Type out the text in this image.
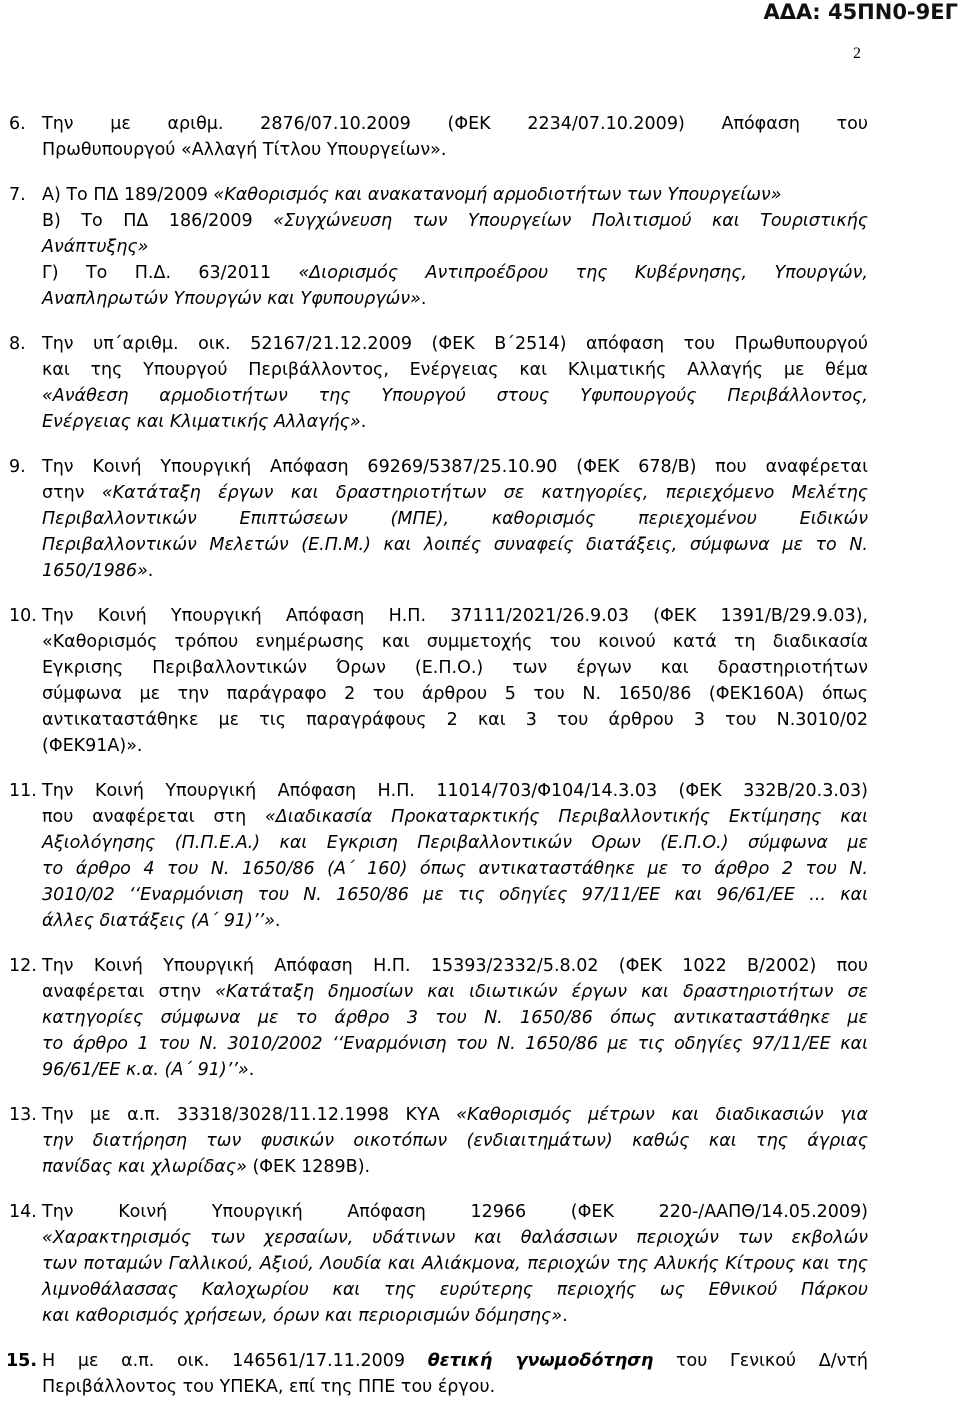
ΑΔΑ: 45ΠΝ0-9ΕΓ
2
6. Την με αριθμ. 2876/07.10.2009 (ΦΕΚ 2234/07.10.2009) Απόφαση του
Πρωθυπουργού «Αλλαγή Τίτλου Υπουργείων».
7. Α) Το ΠΔ 189/2009 «Καθορισμός και ανακατανομή αρμοδιοτήτων των Υπουργείων»
Β) Το ΠΔ 186/2009 «Συγχώνευση των Υπουργείων Πολιτισμού και Τουριστικής
Ανάπτυξης»
Γ) Το Π.Δ. 63/2011 «Διορισμός Αντιπροέδρου της Κυβέρνησης, Υπουργών,
Αναπληρωτών Υπουργών και Υφυπουργών».
8. Την υπ΄αριθμ. οικ. 52167/21.12.2009 (ΦΕΚ Β΄2514) απόφαση του Πρωθυπουργού
και της Υπουργού Περιβάλλοντος, Ενέργειας και Κλιματικής Αλλαγής με θέμα
«Ανάθεση αρμοδιοτήτων της Υπουργού στους Υφυπουργούς Περιβάλλοντος,
Ενέργειας και Κλιματικής Αλλαγής».
9. Την Κοινή Υπουργική Απόφαση 69269/5387/25.10.90 (ΦΕΚ 678/Β) που αναφέρεται
στην «Κατάταξη έργων και δραστηριοτήτων σε κατηγορίες, περιεχόμενο Μελέτης
Περιβαλλοντικών Επιπτώσεων (ΜΠΕ), καθορισμός περιεχομένου Ειδικών
Περιβαλλοντικών Μελετών (Ε.Π.Μ.) και λοιπές συναφείς διατάξεις, σύμφωνα με το Ν.
1650/1986».
10. Την Κοινή Υπουργική Απόφαση Η.Π. 37111/2021/26.9.03 (ΦΕΚ 1391/Β/29.9.03),
«Καθορισμός τρόπου ενημέρωσης και συμμετοχής του κοινού κατά τη διαδικασία
Εγκρισης Περιβαλλοντικών Όρων (Ε.Π.Ο.) των έργων και δραστηριοτήτων
σύμφωνα με την παράγραφο 2 του άρθρου 5 του Ν. 1650/86 (ΦΕΚ160Α) όπως
αντικαταστάθηκε με τις παραγράφους 2 και 3 του άρθρου 3 του Ν.3010/02
(ΦΕΚ91Α)».
11. Την Κοινή Υπουργική Απόφαση Η.Π. 11014/703/Φ104/14.3.03 (ΦΕΚ 332Β/20.3.03)
που αναφέρεται στη «Διαδικασία Προκαταρκτικής Περιβαλλοντικής Εκτίμησης και
Αξιολόγησης (Π.Π.Ε.Α.) και Εγκριση Περιβαλλοντικών Ορων (Ε.Π.Ο.) σύμφωνα με
το άρθρο 4 του Ν. 1650/86 (Α΄ 160) όπως αντικαταστάθηκε με το άρθρο 2 του Ν.
3010/02 ‘‘Εναρμόνιση του Ν. 1650/86 με τις οδηγίες 97/11/ΕΕ και 96/61/ΕΕ ... και
άλλες διατάξεις (Α΄ 91)’’».
12. Την Κοινή Υπουργική Απόφαση Η.Π. 15393/2332/5.8.02 (ΦΕΚ 1022 Β/2002) που
αναφέρεται στην «Κατάταξη δημοσίων και ιδιωτικών έργων και δραστηριοτήτων σε
κατηγορίες σύμφωνα με το άρθρο 3 του Ν. 1650/86 όπως αντικαταστάθηκε με
το άρθρο 1 του Ν. 3010/2002 ‘‘Εναρμόνιση του Ν. 1650/86 με τις οδηγίες 97/11/ΕΕ και
96/61/ΕΕ κ.α. (Α΄ 91)’’».
13. Την με α.π. 33318/3028/11.12.1998 ΚΥΑ «Καθορισμός μέτρων και διαδικασιών για
την διατήρηση των φυσικών οικοτόπων (ενδιαιτημάτων) καθώς και της άγριας
πανίδας και χλωρίδας» (ΦΕΚ 1289Β).
14. Την Κοινή Υπουργική Απόφαση 12966 (ΦΕΚ 220-/ΑΑΠΘ/14.05.2009)
«Χαρακτηρισμός των χερσαίων, υδάτινων και θαλάσσιων περιοχών των εκβολών
των ποταμών Γαλλικού, Αξιού, Λουδία και Αλιάκμονα, περιοχών της Αλυκής Κίτρους και της
λιμνοθάλασσας Καλοχωρίου και της ευρύτερης περιοχής ως Εθνικού Πάρκου
και καθορισμός χρήσεων, όρων και περιορισμών δόμησης».
15. Η με α.π. οικ. 146561/17.11.2009 θετική γνωμοδότηση του Γενικού Δ/ντή
Περιβάλλοντος του ΥΠΕΚΑ, επί της ΠΠΕ του έργου.
